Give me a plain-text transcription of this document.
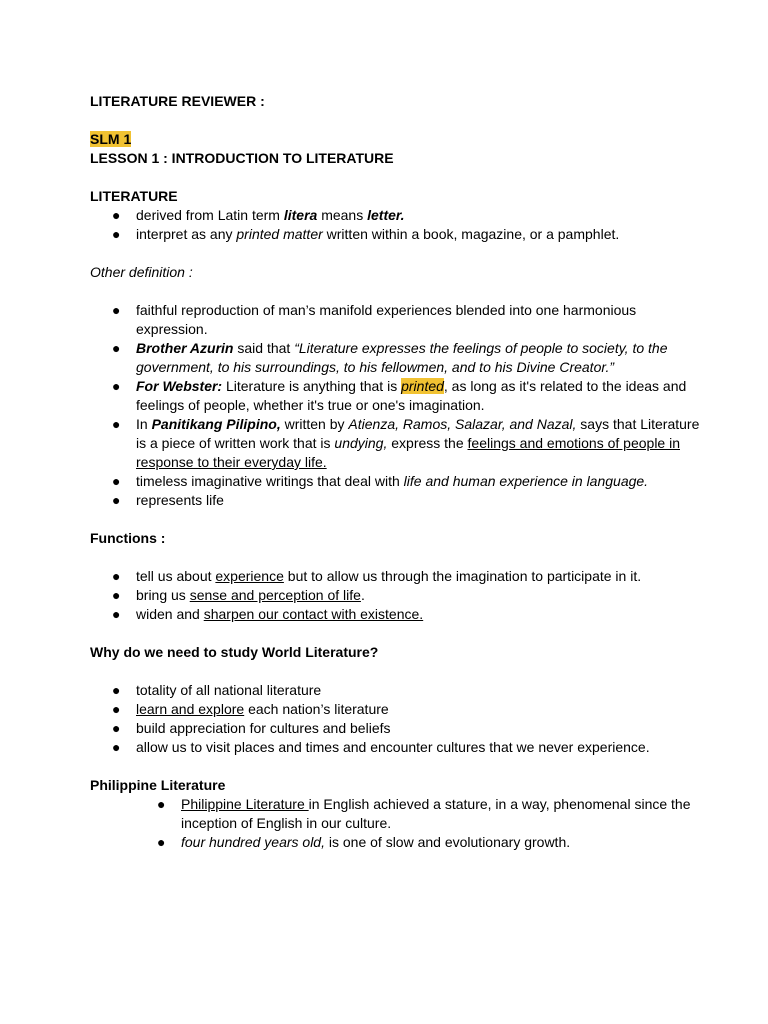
LITERATURE REVIEWER :

SLM 1

LESSON 1 : INTRODUCTION TO LITERATURE

LITERATURE

● derived from Latin term litera means letter.
● interpret as any printed matter written within a book, magazine, or a pamphlet.

Other definition :

● faithful reproduction of man’s manifold experiences blended into one harmonious expression.
● Brother Azurin said that “Literature expresses the feelings of people to society, to the government, to his surroundings, to his fellowmen, and to his Divine Creator.”
● For Webster: Literature is anything that is printed, as long as it's related to the ideas and feelings of people, whether it's true or one's imagination.
● In Panitikang Pilipino, written by Atienza, Ramos, Salazar, and Nazal, says that Literature is a piece of written work that is undying, express the feelings and emotions of people in response to their everyday life.
● timeless imaginative writings that deal with life and human experience in language.
● represents life

Functions :

● tell us about experience but to allow us through the imagination to participate in it.
● bring us sense and perception of life.
● widen and sharpen our contact with existence.

Why do we need to study World Literature?

● totality of all national literature
● learn and explore each nation’s literature
● build appreciation for cultures and beliefs
● allow us to visit places and times and encounter cultures that we never experience.

Philippine Literature

● Philippine Literature in English achieved a stature, in a way, phenomenal since the inception of English in our culture.
● four hundred years old, is one of slow and evolutionary growth.
